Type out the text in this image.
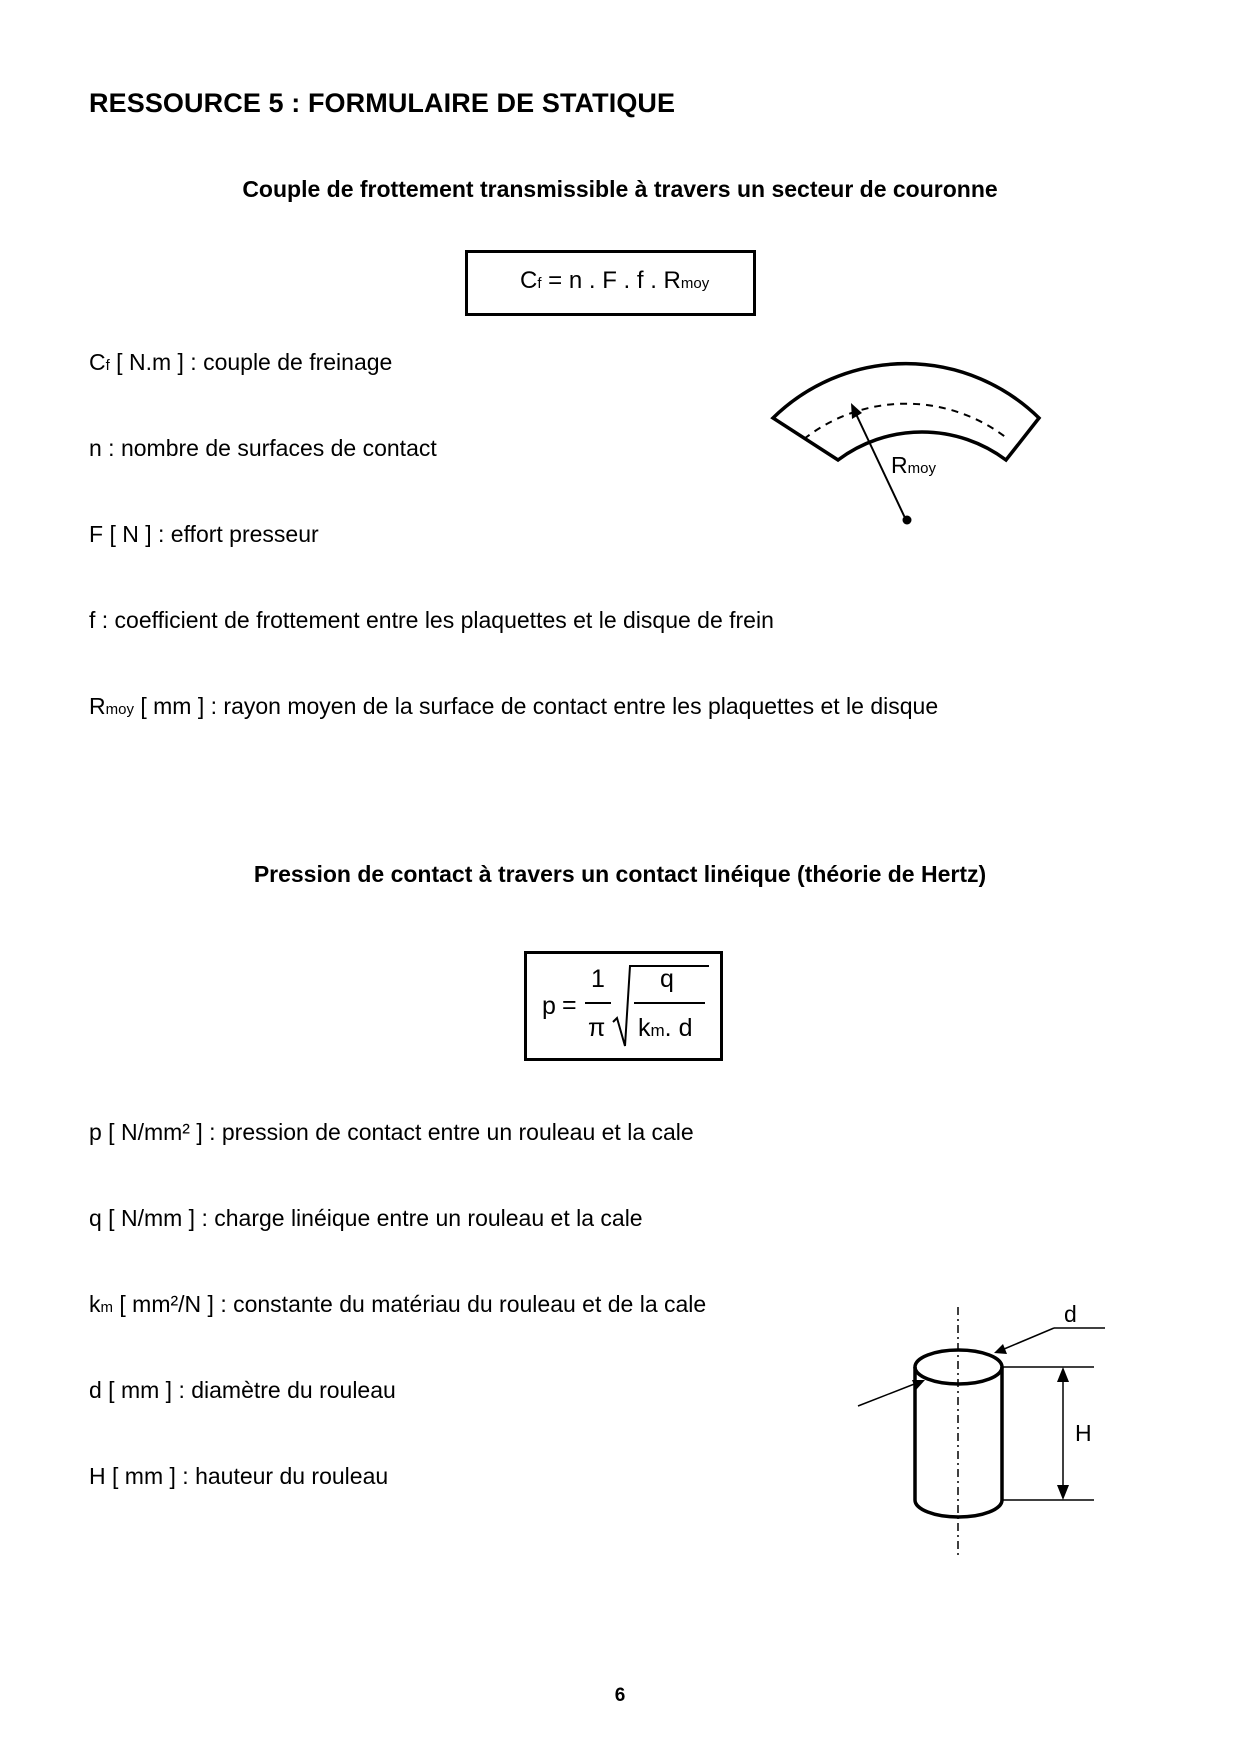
RESSOURCE 5 : FORMULAIRE DE STATIQUE
Couple de frottement transmissible à travers un secteur de couronne
Cf = n . F . f . Rmoy
Cf [ N.m ] : couple de freinage
n : nombre de surfaces de contact
F [ N ] : effort presseur
f : coefficient de frottement entre les plaquettes et le disque de frein
Rmoy [ mm ] : rayon moyen de la surface de contact entre les plaquettes et le disque
Rmoy
Pression de contact à travers un contact linéique (théorie de Hertz)
p =
1
π
q
km. d
p [ N/mm² ] : pression de contact entre un rouleau et la cale
q [ N/mm ] : charge linéique entre un rouleau et la cale
km [ mm²/N ] : constante du matériau du rouleau et de la cale
d [ mm ] : diamètre du rouleau
H [ mm ] : hauteur du rouleau
d
H
6
